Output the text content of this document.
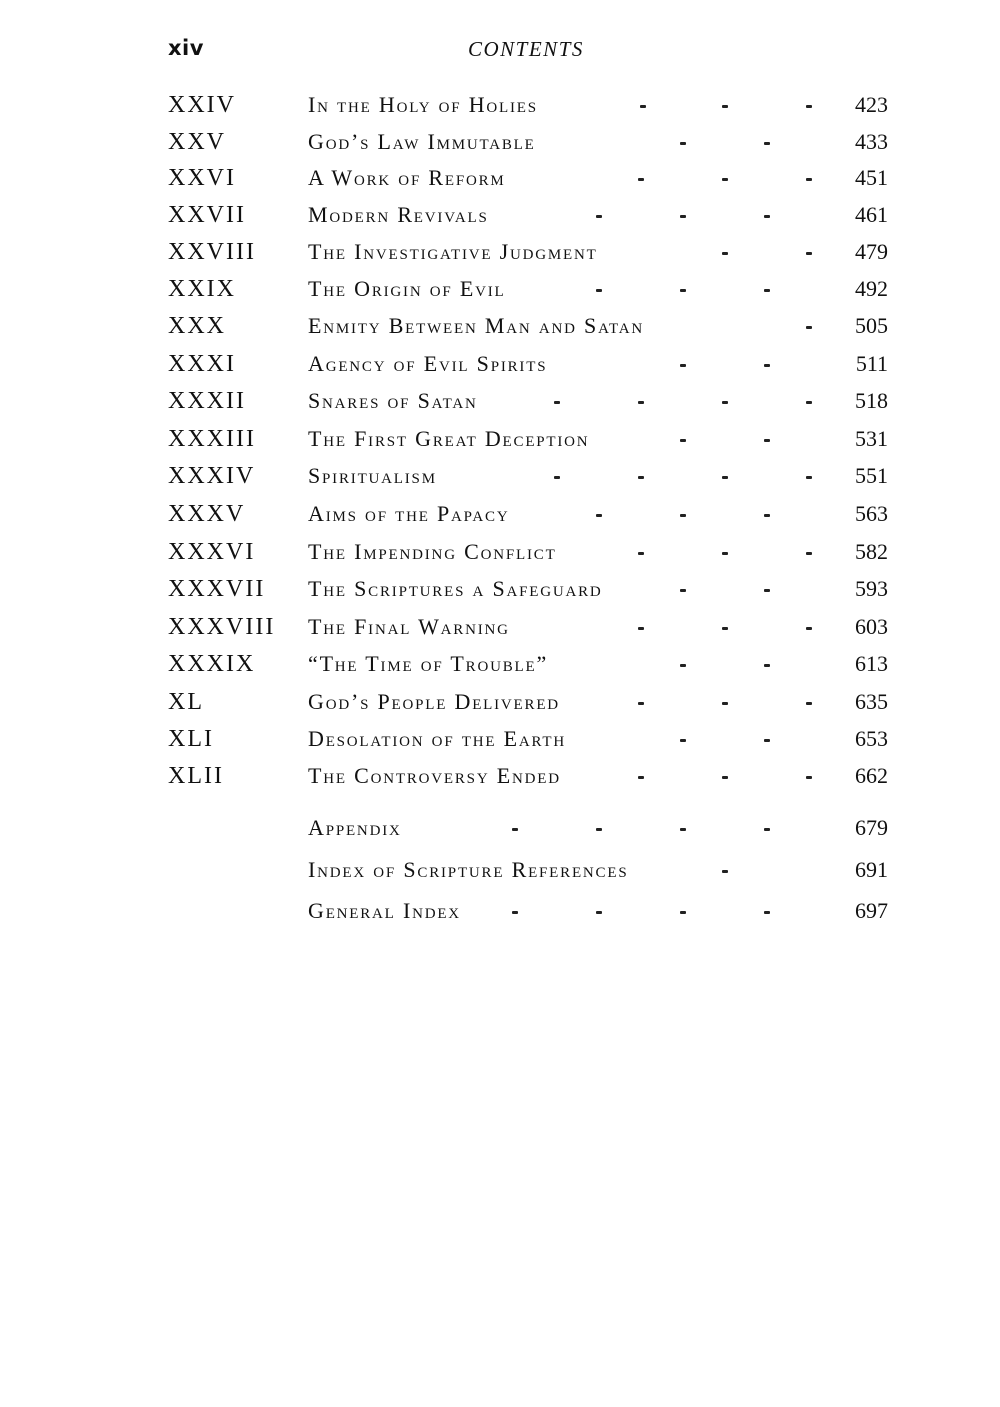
xiv	CONTENTS
XXIV	In the Holy of Holies	423
XXV	God’s Law Immutable	433
XXVI	A Work of Reform	451
XXVII	Modern Revivals	461
XXVIII The Investigative Judgment	479
XXIX	The Origin of Evil	492
XXX	Enmity Between Man and Satan	505
XXXI	Agency of Evil Spirits	511
XXXII	Snares of Satan	518
XXXIII The First Great Deception	531
XXXIV Spiritualism	551
XXXV	Aims of the Papacy	563
XXXVI The Impending Conflict	582
XXXVII The Scriptures a Safeguard	593
XXXVIII The Final Warning	603
XXXIX “The Time of Trouble”	613
XL	God’s People Delivered	635
XLI	Desolation of the Earth	653
XLII	The Controversy Ended	662
Appendix	679
Index of Scripture References	691
General Index	697
